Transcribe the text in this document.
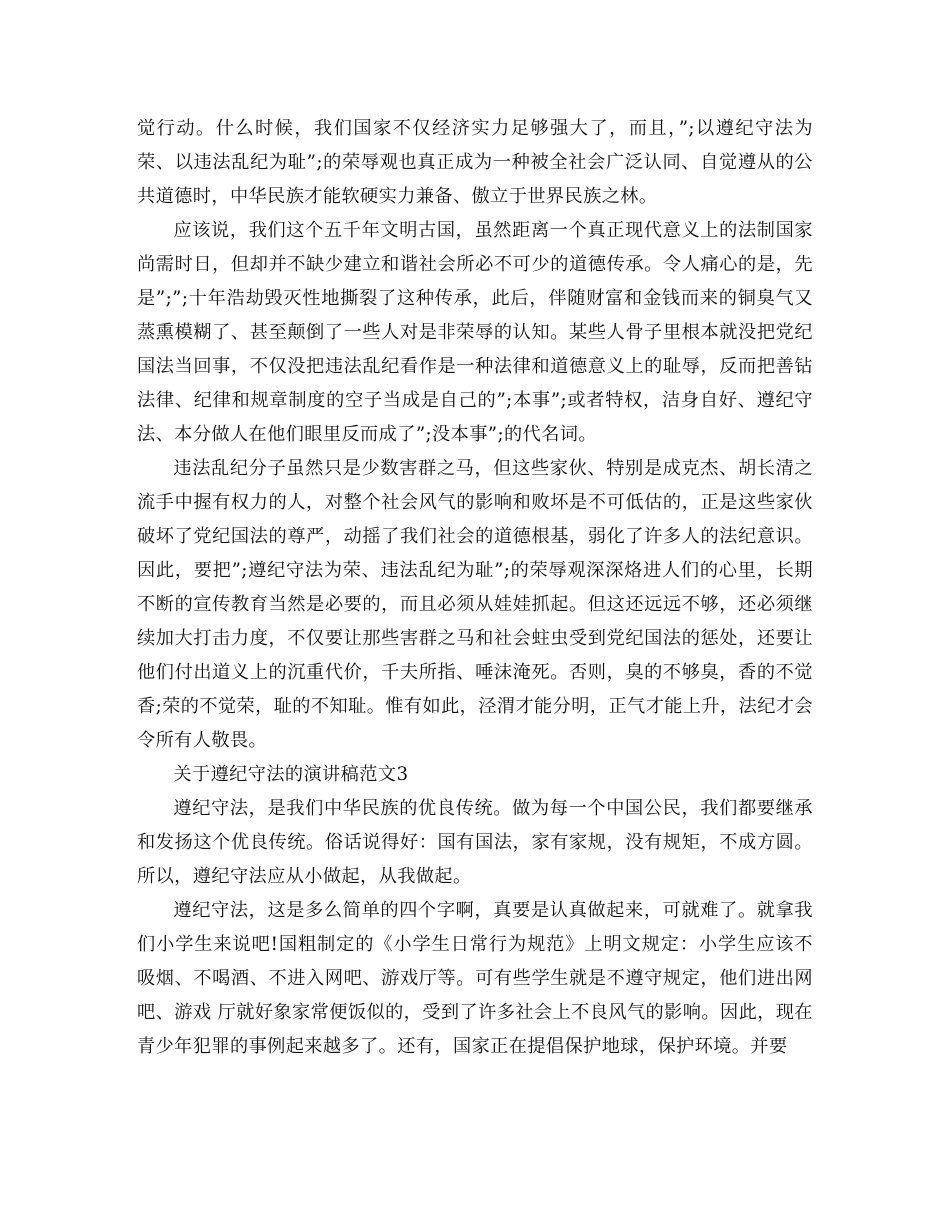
觉行动。什么时候，我们国家不仅经济实力足够强大了，而且，”;以遵纪守法为荣、以违法乱纪为耻”;的荣辱观也真正成为一种被全社会广泛认同、自觉遵从的公共道德时，中华民族才能软硬实力兼备、傲立于世界民族之林。

应该说，我们这个五千年文明古国，虽然距离一个真正现代意义上的法制国家尚需时日，但却并不缺少建立和谐社会所必不可少的道德传承。令人痛心的是，先是”;”;十年浩劫毁灭性地撕裂了这种传承，此后，伴随财富和金钱而来的铜臭气又蒸熏模糊了、甚至颠倒了一些人对是非荣辱的认知。某些人骨子里根本就没把党纪国法当回事，不仅没把违法乱纪看作是一种法律和道德意义上的耻辱，反而把善钻法律、纪律和规章制度的空子当成是自己的”;本事”;或者特权，洁身自好、遵纪守法、本分做人在他们眼里反而成了”;没本事”;的代名词。

违法乱纪分子虽然只是少数害群之马，但这些家伙、特别是成克杰、胡长清之流手中握有权力的人，对整个社会风气的影响和败坏是不可低估的，正是这些家伙破坏了党纪国法的尊严，动摇了我们社会的道德根基，弱化了许多人的法纪意识。因此，要把”;遵纪守法为荣、违法乱纪为耻”;的荣辱观深深烙进人们的心里，长期不断的宣传教育当然是必要的，而且必须从娃娃抓起。但这还远远不够，还必须继续加大打击力度，不仅要让那些害群之马和社会蛀虫受到党纪国法的惩处，还要让他们付出道义上的沉重代价，千夫所指、唾沫淹死。否则，臭的不够臭，香的不觉香;荣的不觉荣，耻的不知耻。惟有如此，泾渭才能分明，正气才能上升，法纪才会令所有人敬畏。

关于遵纪守法的演讲稿范文3

遵纪守法，是我们中华民族的优良传统。做为每一个中国公民，我们都要继承和发扬这个优良传统。俗话说得好：国有国法，家有家规，没有规矩，不成方圆。所以，遵纪守法应从小做起，从我做起。

遵纪守法，这是多么简单的四个字啊，真要是认真做起来，可就难了。就拿我们小学生来说吧!国粗制定的《小学生日常行为规范》上明文规定：小学生应该不吸烟、不喝酒、不进入网吧、游戏厅等。可有些学生就是不遵守规定，他们进出网吧、游戏 厅就好象家常便饭似的，受到了许多社会上不良风气的影响。因此，现在青少年犯罪的事例起来越多了。还有，国家正在提倡保护地球，保护环境。并要
